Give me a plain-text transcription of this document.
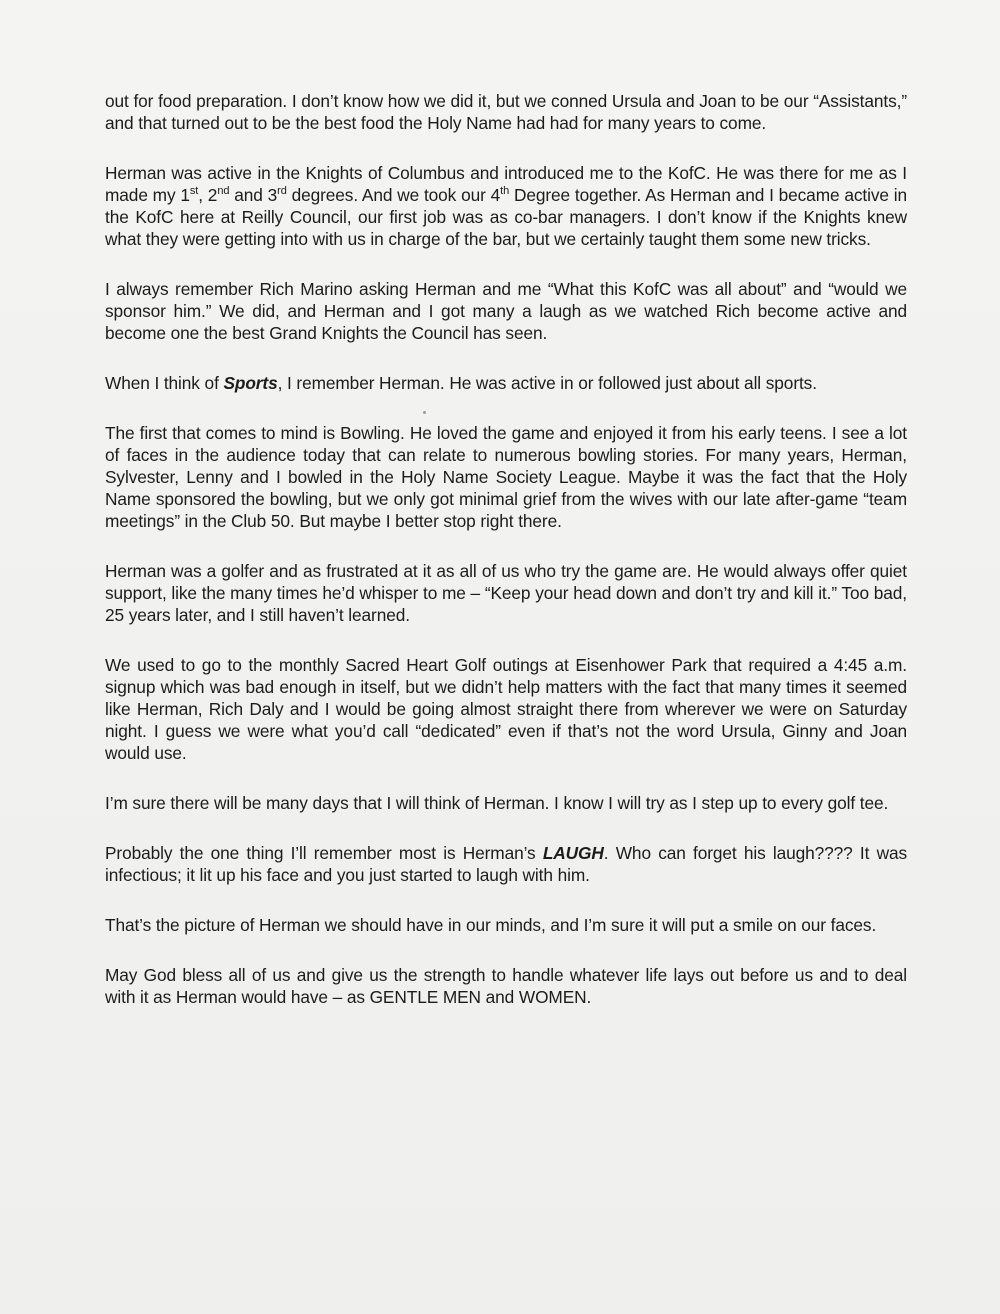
out for food preparation. I don’t know how we did it, but we conned Ursula and Joan to be our “Assistants,” and that turned out to be the best food the Holy Name had had for many years to come.

Herman was active in the Knights of Columbus and introduced me to the KofC. He was there for me as I made my 1st, 2nd and 3rd degrees. And we took our 4th Degree together. As Herman and I became active in the KofC here at Reilly Council, our first job was as co-bar managers. I don’t know if the Knights knew what they were getting into with us in charge of the bar, but we certainly taught them some new tricks.

I always remember Rich Marino asking Herman and me “What this KofC was all about” and “would we sponsor him.” We did, and Herman and I got many a laugh as we watched Rich become active and become one the best Grand Knights the Council has seen.

When I think of Sports, I remember Herman. He was active in or followed just about all sports.

The first that comes to mind is Bowling. He loved the game and enjoyed it from his early teens. I see a lot of faces in the audience today that can relate to numerous bowling stories. For many years, Herman, Sylvester, Lenny and I bowled in the Holy Name Society League. Maybe it was the fact that the Holy Name sponsored the bowling, but we only got minimal grief from the wives with our late after-game “team meetings” in the Club 50. But maybe I better stop right there.

Herman was a golfer and as frustrated at it as all of us who try the game are. He would always offer quiet support, like the many times he’d whisper to me – “Keep your head down and don’t try and kill it.” Too bad, 25 years later, and I still haven’t learned.

We used to go to the monthly Sacred Heart Golf outings at Eisenhower Park that required a 4:45 a.m. signup which was bad enough in itself, but we didn’t help matters with the fact that many times it seemed like Herman, Rich Daly and I would be going almost straight there from wherever we were on Saturday night. I guess we were what you’d call “dedicated” even if that’s not the word Ursula, Ginny and Joan would use.

I’m sure there will be many days that I will think of Herman. I know I will try as I step up to every golf tee.

Probably the one thing I’ll remember most is Herman’s LAUGH. Who can forget his laugh???? It was infectious; it lit up his face and you just started to laugh with him.

That’s the picture of Herman we should have in our minds, and I’m sure it will put a smile on our faces.

May God bless all of us and give us the strength to handle whatever life lays out before us and to deal with it as Herman would have – as GENTLE MEN and WOMEN.
